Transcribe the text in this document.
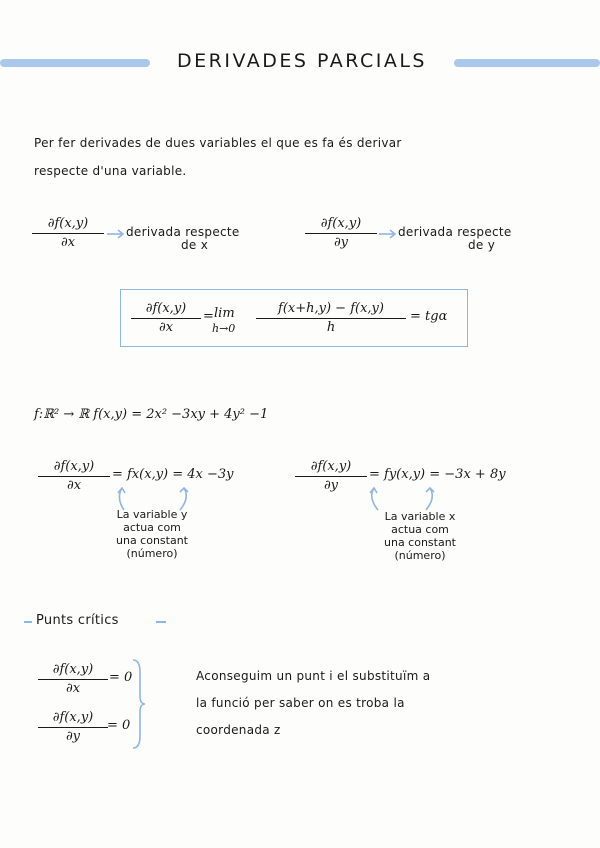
DERIVADES PARCIALS
Per fer derivades de dues variables el que es fa és derivar
respecte d'una variable.
∂f(x,y)
∂x
derivada respecte
de x
∂f(x,y)
∂y
derivada respecte
de y
∂f(x,y)
∂x
= lim
h→0
f(x+h,y) − f(x,y)
h
= tgα
f:ℝ² → ℝ f(x,y) = 2x² −3xy + 4y² −1
∂f(x,y)
∂x
= fx(x,y) = 4x −3y
La variable y
actua com
una constant
(número)
∂f(x,y)
∂y
= fy(x,y) = −3x + 8y
La variable x
actua com
una constant
(número)
Punts crítics
∂f(x,y)
∂x
= 0
∂f(x,y)
∂y
= 0
Aconseguim un punt i el substituïm a
la funció per saber on es troba la
coordenada z
